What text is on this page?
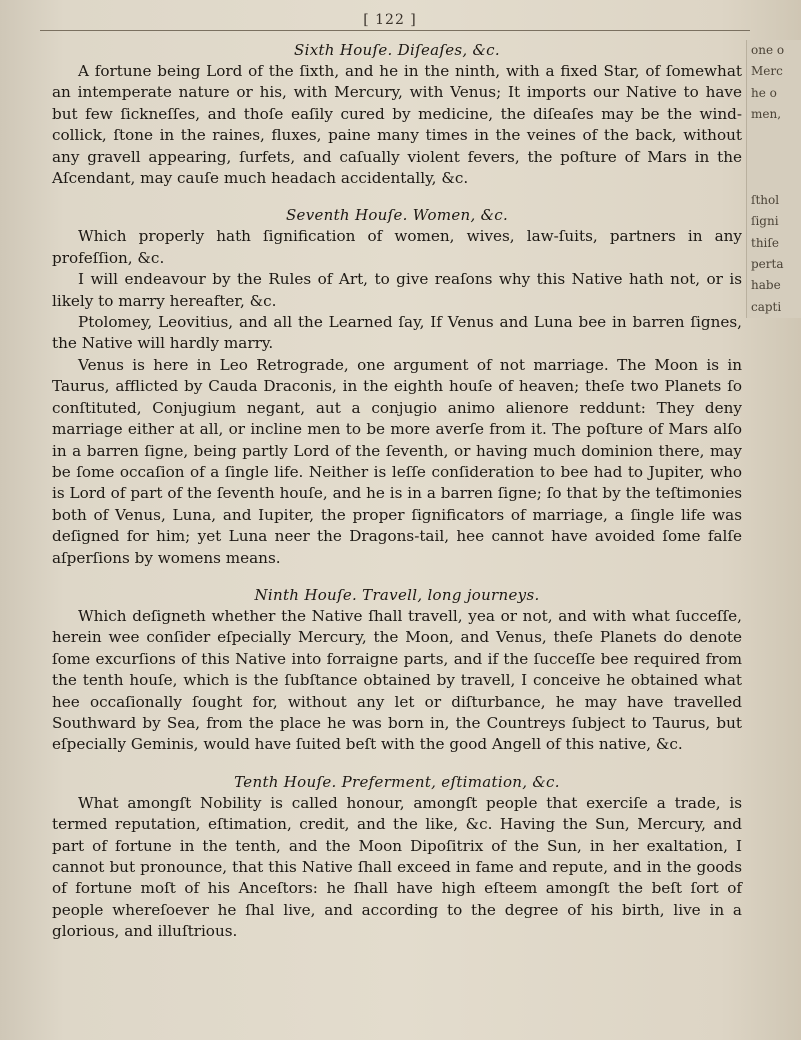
[ 122 ]
Sixth Houſe. Diſeaſes, &c.

A fortune being Lord of the ſixth, and he in the ninth, with a fixed Star, of ſomewhat an intemperate nature or his, with Mercury, with Venus; It imports our Native to have but few ſickneſſes, and thoſe eaſily cured by medicine, the diſeaſes may be the wind-collick, ſtone in the raines, fluxes, paine many times in the veines of the back, without any gravell appearing, ſurfets, and caſually violent fevers, the poſture of Mars in the Aſcendant, may cauſe much headach accidentally, &c.

Seventh Houſe. Women, &c.

Which properly hath ſignification of women, wives, law-ſuits, partners in any profeſſion, &c.

I will endeavour by the Rules of Art, to give reaſons why this Native hath not, or is likely to marry hereafter, &c.

Ptolomey, Leovitius, and all the Learned ſay, If Venus and Luna bee in barren ſignes, the Native will hardly marry.

Venus is here in Leo Retrograde, one argument of not marriage. The Moon is in Taurus, afflicted by Cauda Draconis, in the eighth houſe of heaven; theſe two Planets ſo conſtituted, Conjugium negant, aut a conjugio animo alienore reddunt: They deny marriage either at all, or incline men to be more averſe from it. The poſture of Mars alſo in a barren ſigne, being partly Lord of the ſeventh, or having much dominion there, may be ſome occaſion of a ſingle life. Neither is leſſe conſideration to bee had to Jupiter, who is Lord of part of the ſeventh houſe, and he is in a barren ſigne; ſo that by the teſtimonies both of Venus, Luna, and Iupiter, the proper ſignificators of marriage, a ſingle life was deſigned for him; yet Luna neer the Dragons-tail, hee cannot have avoided ſome falſe aſperſions by womens means.

Ninth Houſe. Travell, long journeys.

Which deſigneth whether the Native ſhall travell, yea or not, and with what ſucceſſe, herein wee conſider eſpecially Mercury, the Moon, and Venus, theſe Planets do denote ſome excurſions of this Native into forraigne parts, and if the ſucceſſe bee required from the tenth houſe, which is the ſubſtance obtained by travell, I conceive he obtained what hee occaſionally ſought for, without any let or diſturbance, he may have travelled Southward by Sea, from the place he was born in, the Countreys ſubject to Taurus, but eſpecially Geminis, would have ſuited beſt with the good Angell of this native, &c.

Tenth Houſe. Preferment, eſtimation, &c.

What amongſt Nobility is called honour, amongſt people that exerciſe a trade, is termed reputation, eſtimation, credit, and the like, &c. Having the Sun, Mercury, and part of fortune in the tenth, and the Moon Dipoſitrix of the Sun, in her exaltation, I cannot but pronounce, that this Native ſhall exceed in fame and repute, and in the goods of fortune moſt of his Anceſtors: he ſhall have high eſteem amongſt the beſt ſort of people whereſoever he ſhal live, and according to the degree of his birth, live in a glorious, and illuſtrious.

one o
Merc
he o
men,

ſthol
ſigni
thiſe
perta
habe
capti
